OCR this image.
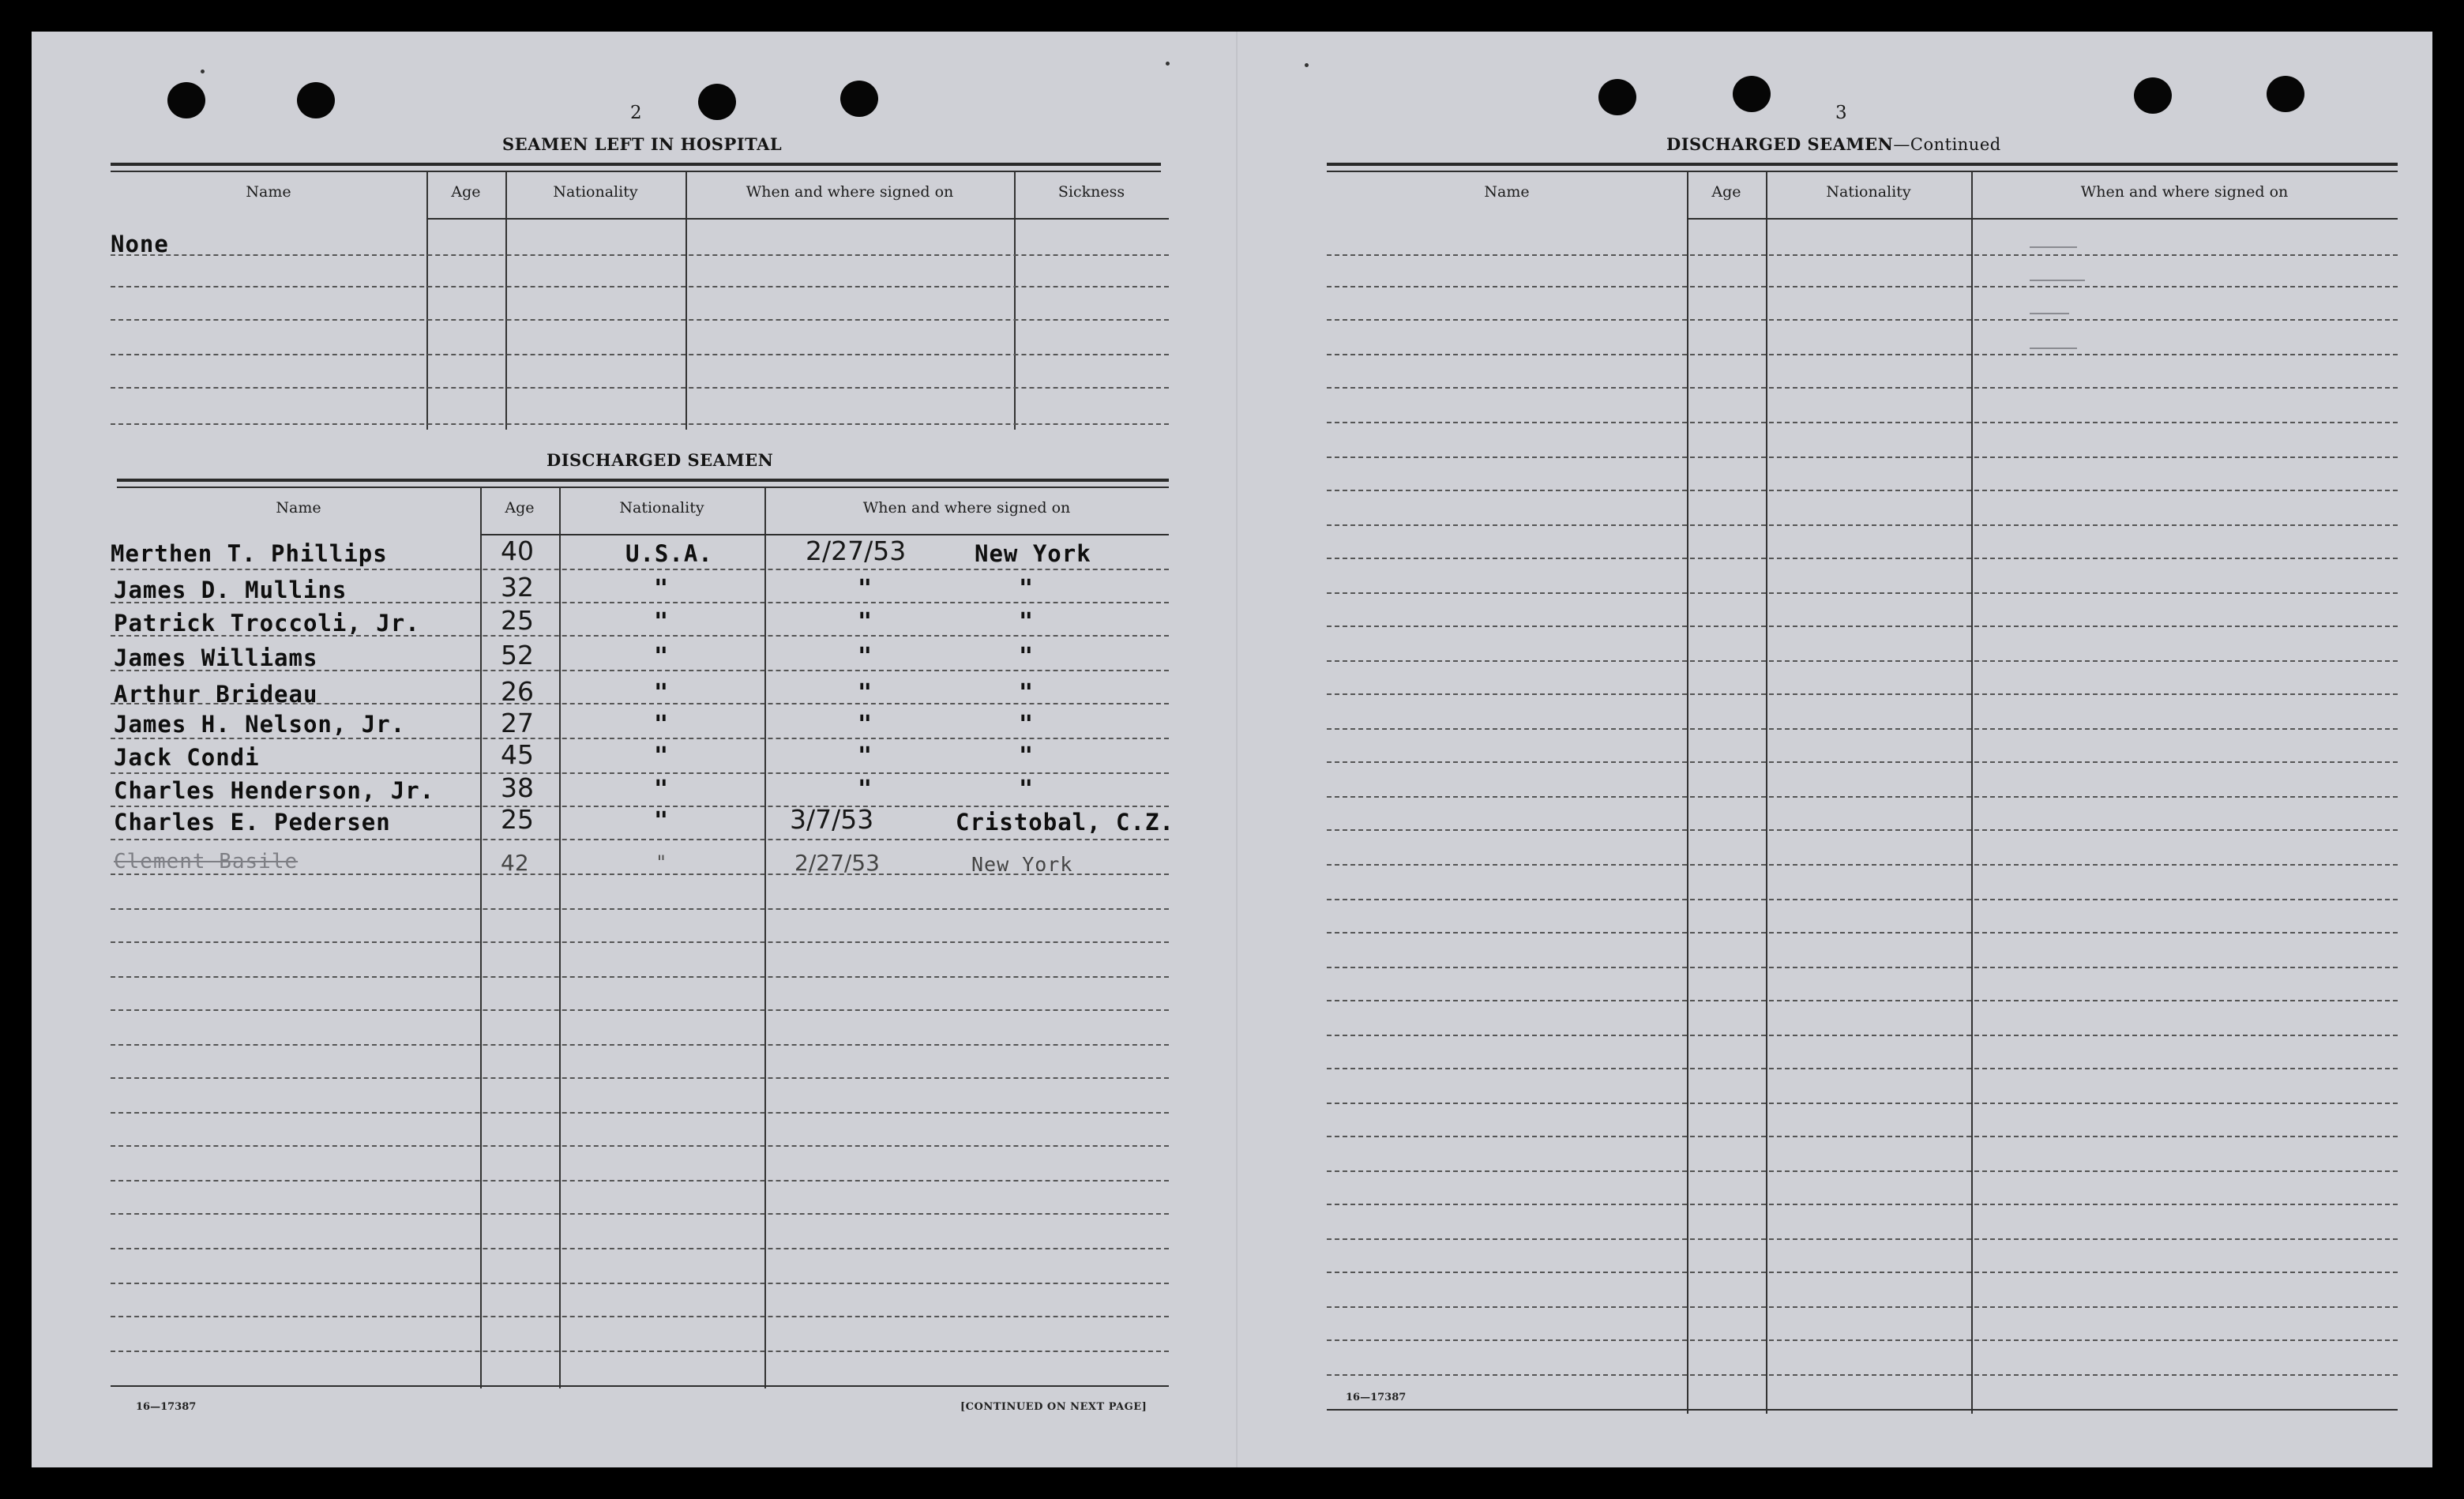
2
SEAMEN LEFT IN HOSPITAL
Name	Age	Nationality	When and where signed on	Sickness
None
DISCHARGED SEAMEN
Name	Age	Nationality	When and where signed on
Merthen T. Phillips	40	U.S.A.	2/27/53	New York
James D. Mullins	32	"	"	"
Patrick Troccoli, Jr.	25	"	"	"
James Williams	52	"	"	"
Arthur Brideau	26	"	"	"
James H. Nelson, Jr.	27	"	"	"
Jack Condi	45	"	"	"
Charles Henderson, Jr.	38	"	"	"
Charles E. Pedersen	25	"	3/7/53	Cristobal, C.Z.
Clement Basile	42	"	2/27/53	New York
16—17387	[CONTINUED ON NEXT PAGE]
3
DISCHARGED SEAMEN—Continued
Name	Age	Nationality	When and where signed on
16—17387
